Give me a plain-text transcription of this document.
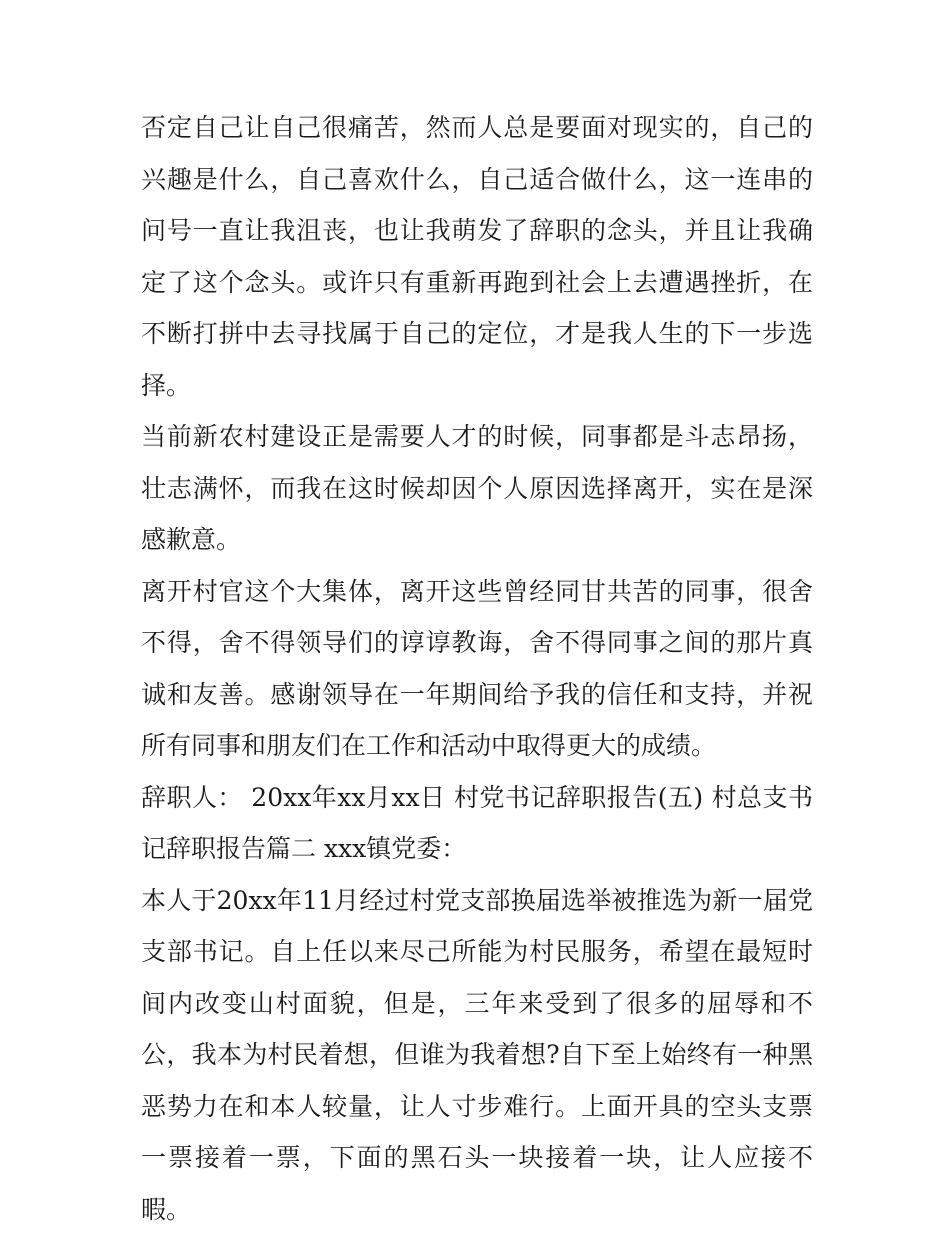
否定自己让自己很痛苦，然而人总是要面对现实的，自己的兴趣是什么，自己喜欢什么，自己适合做什么，这一连串的问号一直让我沮丧，也让我萌发了辞职的念头，并且让我确定了这个念头。或许只有重新再跑到社会上去遭遇挫折，在不断打拼中去寻找属于自己的定位，才是我人生的下一步选择。

当前新农村建设正是需要人才的时候，同事都是斗志昂扬，壮志满怀，而我在这时候却因个人原因选择离开，实在是深感歉意。

离开村官这个大集体，离开这些曾经同甘共苦的同事，很舍不得，舍不得领导们的谆谆教诲，舍不得同事之间的那片真诚和友善。感谢领导在一年期间给予我的信任和支持，并祝所有同事和朋友们在工作和活动中取得更大的成绩。

辞职人： 20xx年xx月xx日 村党书记辞职报告(五) 村总支书记辞职报告篇二 xxx镇党委：

本人于20xx年11月经过村党支部换届选举被推选为新一届党支部书记。自上任以来尽己所能为村民服务，希望在最短时间内改变山村面貌，但是，三年来受到了很多的屈辱和不公，我本为村民着想，但谁为我着想?自下至上始终有一种黑恶势力在和本人较量，让人寸步难行。上面开具的空头支票一票接着一票，下面的黑石头一块接着一块，让人应接不暇。
